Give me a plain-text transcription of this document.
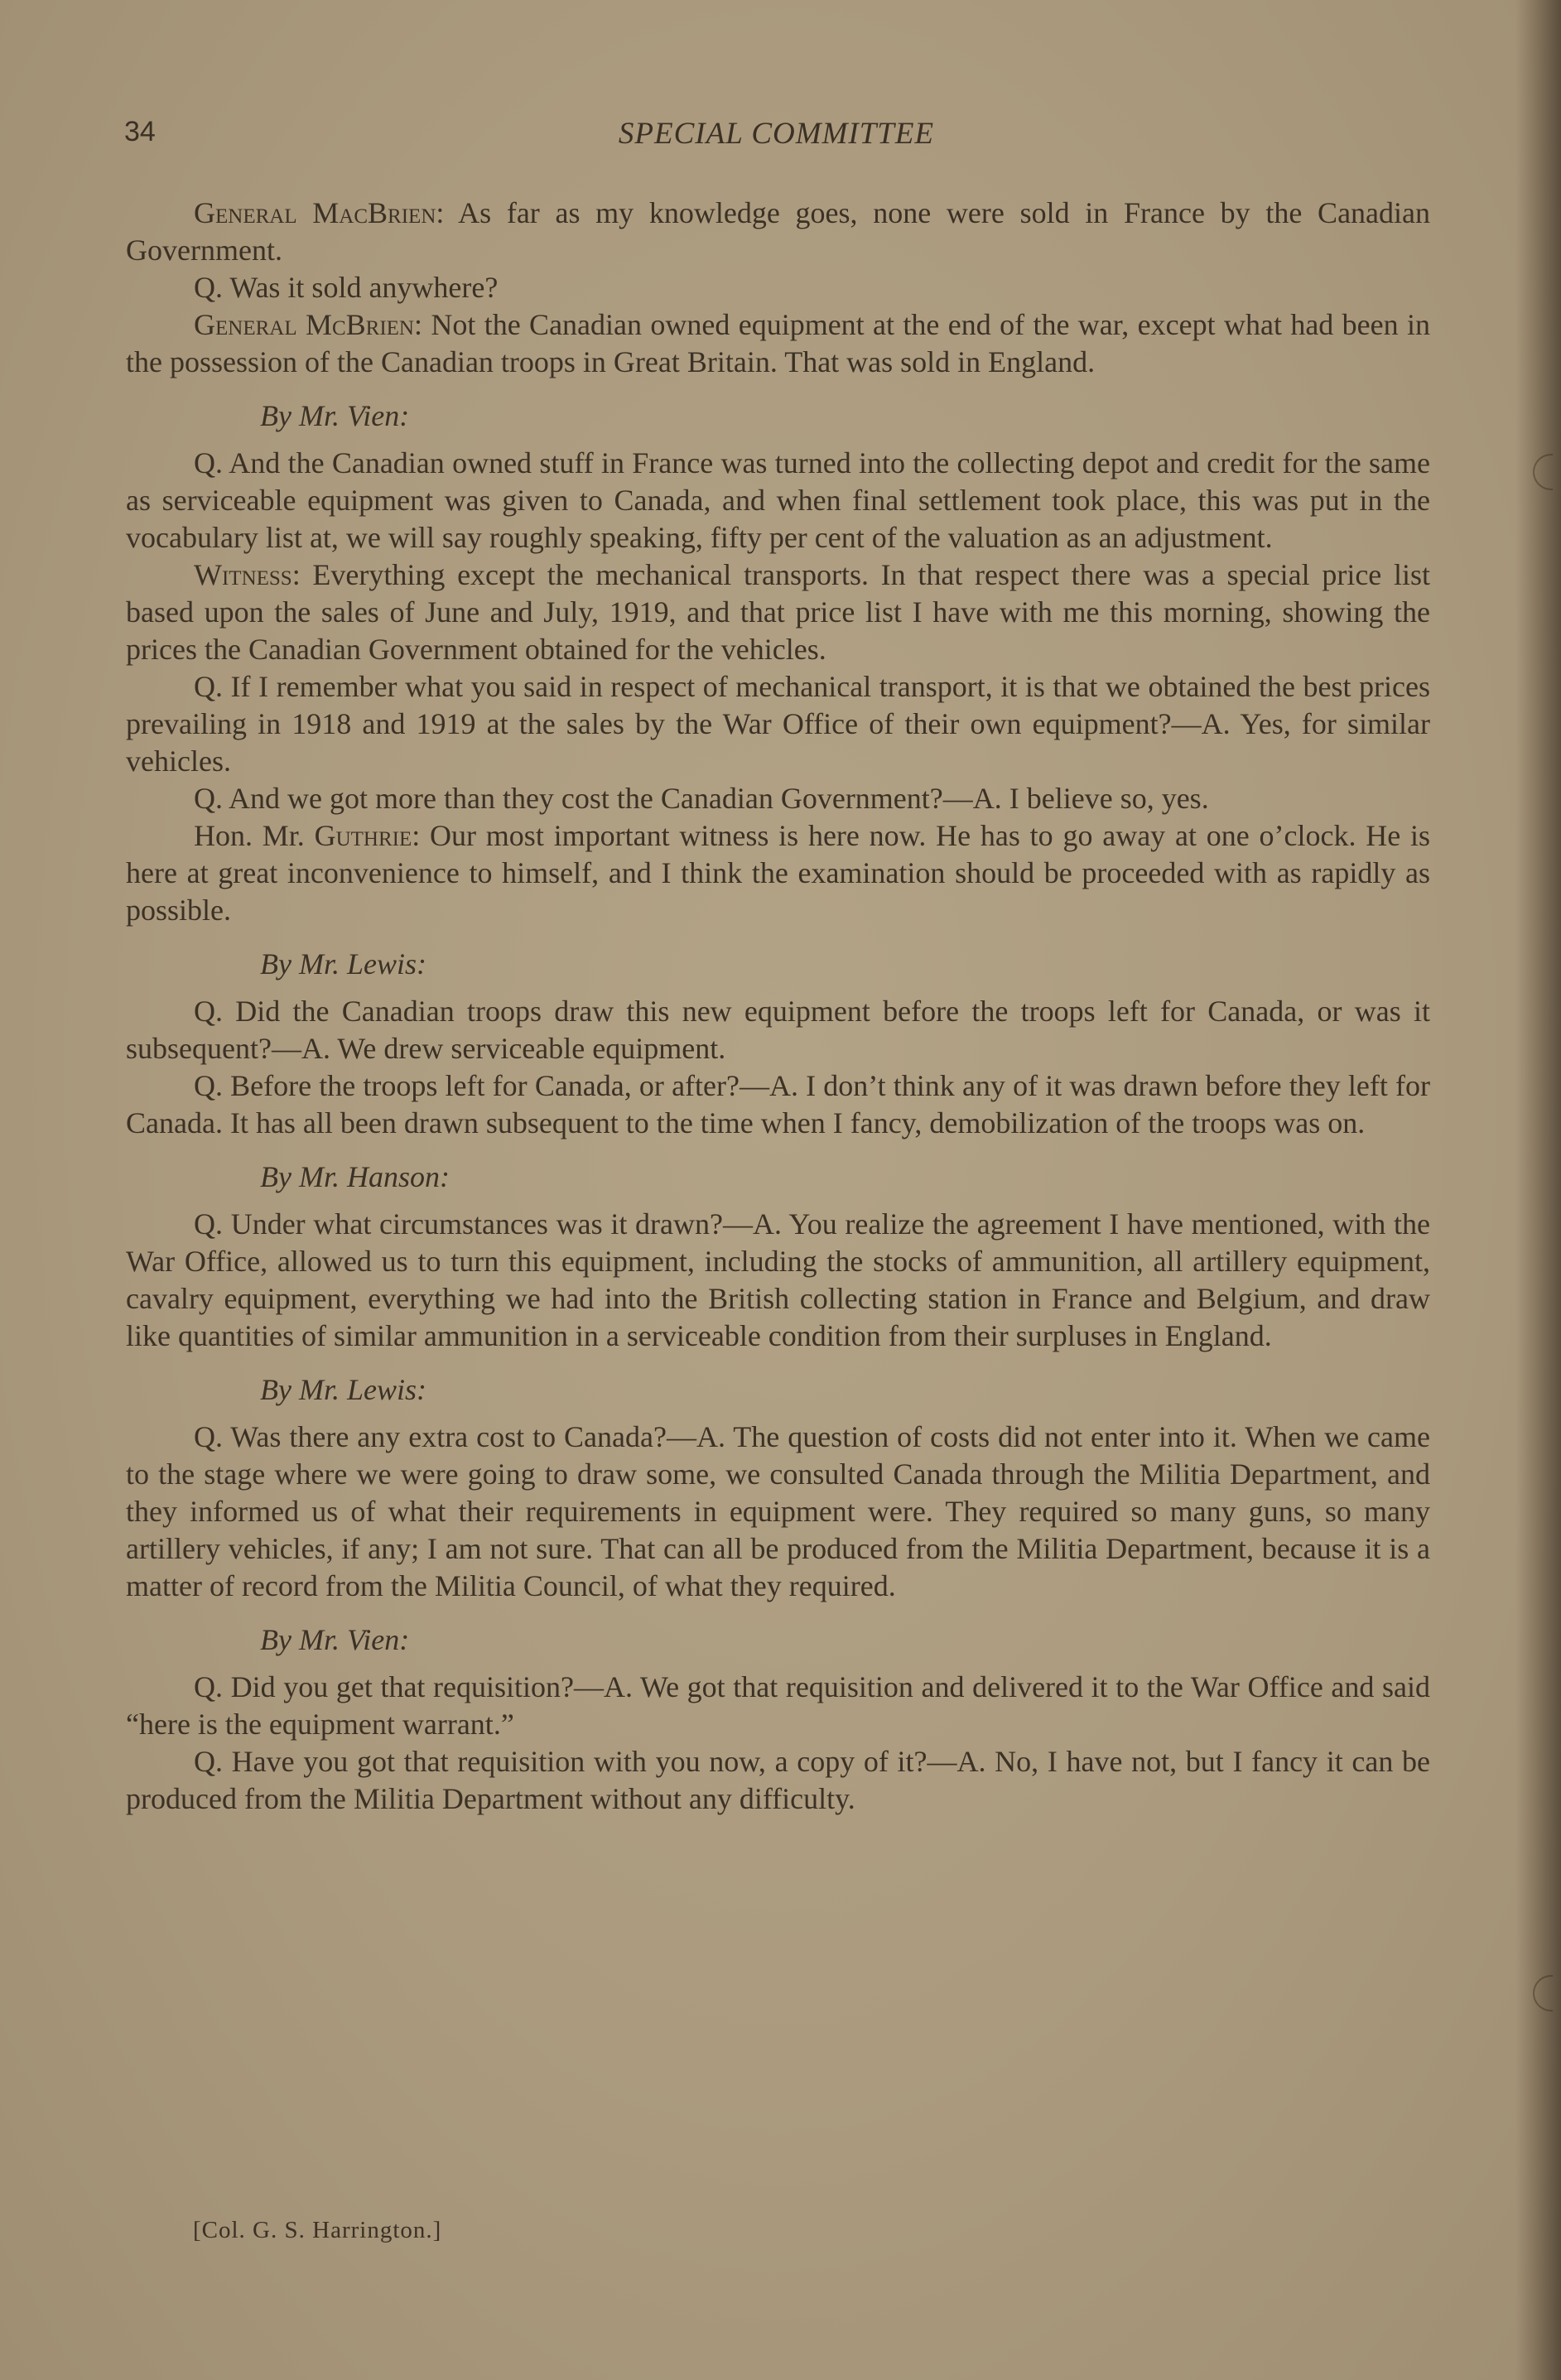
34	SPECIAL COMMITTEE

General MacBrien: As far as my knowledge goes, none were sold in France by the Canadian Government.

Q. Was it sold anywhere?

General McBrien: Not the Canadian owned equipment at the end of the war, except what had been in the possession of the Canadian troops in Great Britain. That was sold in England.

By Mr. Vien:

Q. And the Canadian owned stuff in France was turned into the collecting depot and credit for the same as serviceable equipment was given to Canada, and when final settlement took place, this was put in the vocabulary list at, we will say roughly speaking, fifty per cent of the valuation as an adjustment.

Witness: Everything except the mechanical transports. In that respect there was a special price list based upon the sales of June and July, 1919, and that price list I have with me this morning, showing the prices the Canadian Government obtained for the vehicles.

Q. If I remember what you said in respect of mechanical transport, it is that we obtained the best prices prevailing in 1918 and 1919 at the sales by the War Office of their own equipment?—A. Yes, for similar vehicles.

Q. And we got more than they cost the Canadian Government?—A. I believe so, yes.

Hon. Mr. Guthrie: Our most important witness is here now. He has to go away at one o’clock. He is here at great inconvenience to himself, and I think the examination should be proceeded with as rapidly as possible.

By Mr. Lewis:

Q. Did the Canadian troops draw this new equipment before the troops left for Canada, or was it subsequent?—A. We drew serviceable equipment.

Q. Before the troops left for Canada, or after?—A. I don’t think any of it was drawn before they left for Canada. It has all been drawn subsequent to the time when I fancy, demobilization of the troops was on.

By Mr. Hanson:

Q. Under what circumstances was it drawn?—A. You realize the agreement I have mentioned, with the War Office, allowed us to turn this equipment, including the stocks of ammunition, all artillery equipment, cavalry equipment, everything we had into the British collecting station in France and Belgium, and draw like quantities of similar ammunition in a serviceable condition from their surpluses in England.

By Mr. Lewis:

Q. Was there any extra cost to Canada?—A. The question of costs did not enter into it. When we came to the stage where we were going to draw some, we consulted Canada through the Militia Department, and they informed us of what their requirements in equipment were. They required so many guns, so many artillery vehicles, if any; I am not sure. That can all be produced from the Militia Department, because it is a matter of record from the Militia Council, of what they required.

By Mr. Vien:

Q. Did you get that requisition?—A. We got that requisition and delivered it to the War Office and said “here is the equipment warrant.”

Q. Have you got that requisition with you now, a copy of it?—A. No, I have not, but I fancy it can be produced from the Militia Department without any difficulty.

[Col. G. S. Harrington.]
